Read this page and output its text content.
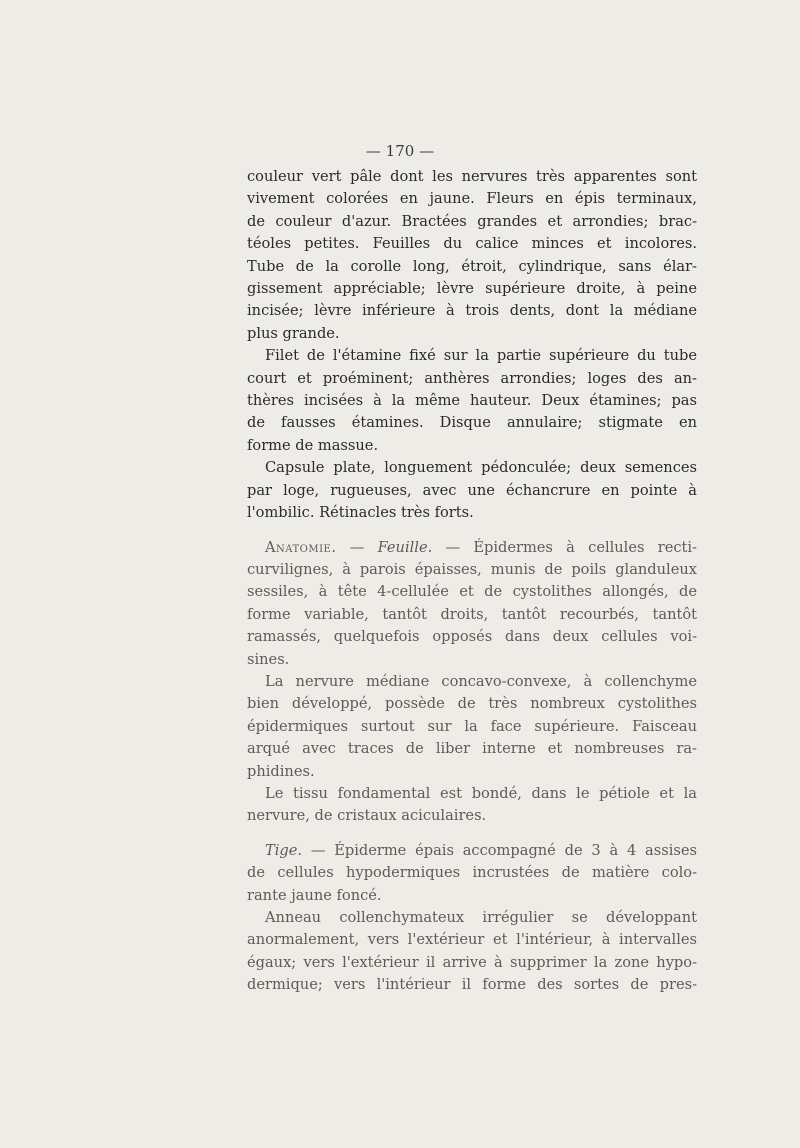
— 170 —

couleur vert pâle dont les nervures très apparentes sont
vivement colorées en jaune. Fleurs en épis terminaux,
de couleur d'azur. Bractées grandes et arrondies; brac-
téoles petites. Feuilles du calice minces et incolores.
Tube de la corolle long, étroit, cylindrique, sans élar-
gissement appréciable; lèvre supérieure droite, à peine
incisée; lèvre inférieure à trois dents, dont la médiane
plus grande.

Filet de l'étamine fixé sur la partie supérieure du tube
court et proéminent; anthères arrondies; loges des an-
thères incisées à la même hauteur. Deux étamines; pas
de fausses étamines. Disque annulaire; stigmate en
forme de massue.

Capsule plate, longuement pédonculée; deux semences
par loge, rugueuses, avec une échancrure en pointe à
l'ombilic. Rétinacles très forts.

Anatomie. — Feuille. — Épidermes à cellules recti-
curvilignes, à parois épaisses, munis de poils glanduleux
sessiles, à tête 4-cellulée et de cystolithes allongés, de
forme variable, tantôt droits, tantôt recourbés, tantôt
ramassés, quelquefois opposés dans deux cellules voi-
sines.

La nervure médiane concavo-convexe, à collenchyme
bien développé, possède de très nombreux cystolithes
épidermiques surtout sur la face supérieure. Faisceau
arqué avec traces de liber interne et nombreuses ra-
phidines.

Le tissu fondamental est bondé, dans le pétiole et la
nervure, de cristaux aciculaires.

Tige. — Épiderme épais accompagné de 3 à 4 assises
de cellules hypodermiques incrustées de matière colo-
rante jaune foncé.

Anneau collenchymateux irrégulier se développant
anormalement, vers l'extérieur et l'intérieur, à intervalles
égaux; vers l'extérieur il arrive à supprimer la zone hypo-
dermique; vers l'intérieur il forme des sortes de pres-
